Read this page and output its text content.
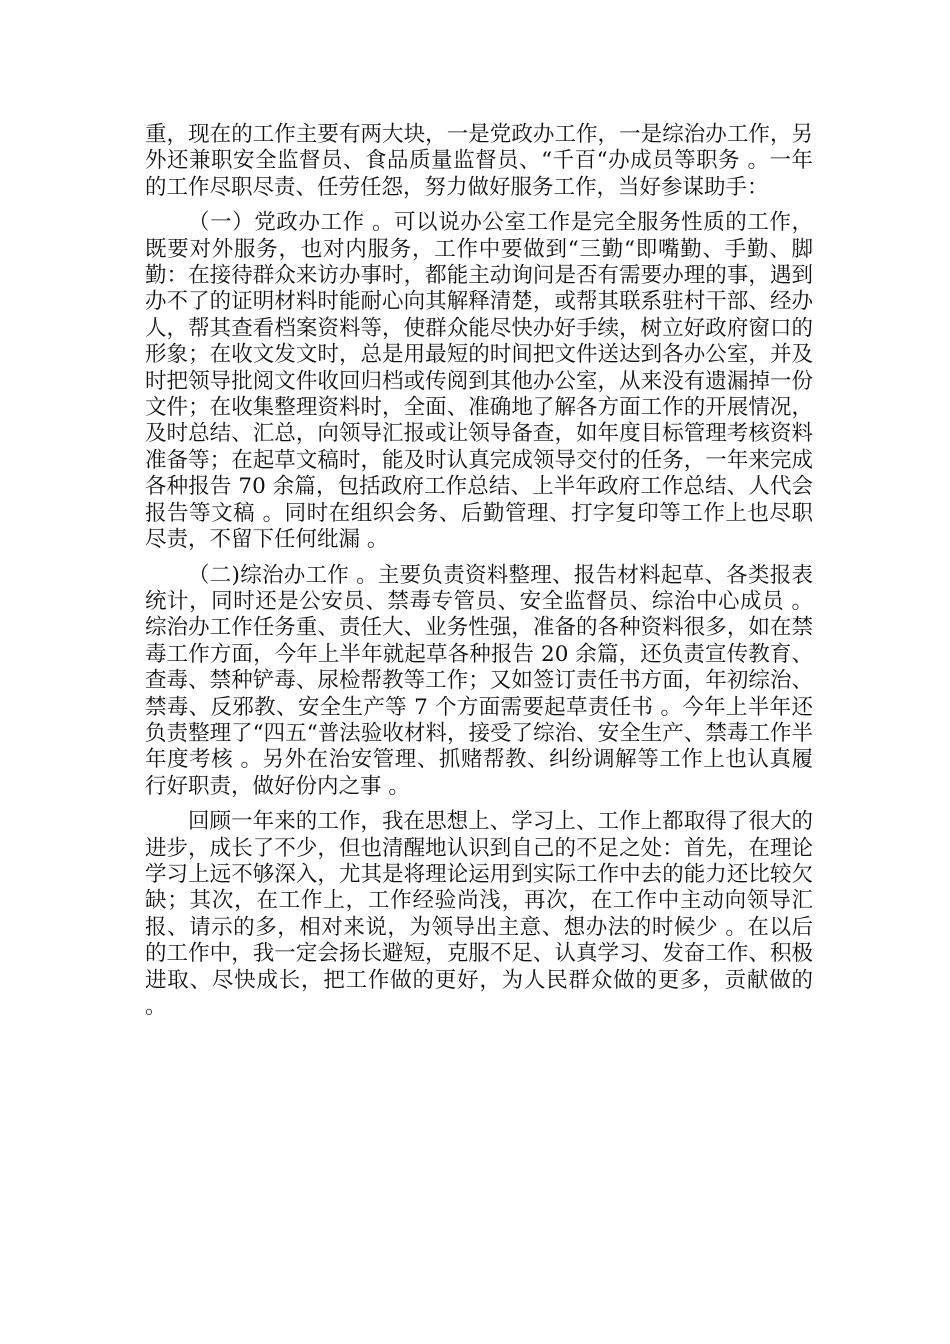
重，现在的工作主要有两大块，一是党政办工作，一是综治办工作，另外还兼职安全监督员、食品质量监督员、“千百“办成员等职务 。一年的工作尽职尽责、任劳任怨，努力做好服务工作，当好参谋助手：

（一）党政办工作 。可以说办公室工作是完全服务性质的工作，既要对外服务，也对内服务，工作中要做到“三勤“即嘴勤、手勤、脚勤：在接待群众来访办事时，都能主动询问是否有需要办理的事，遇到办不了的证明材料时能耐心向其解释清楚，或帮其联系驻村干部、经办人，帮其查看档案资料等，使群众能尽快办好手续，树立好政府窗口的形象；在收文发文时，总是用最短的时间把文件送达到各办公室，并及时把领导批阅文件收回归档或传阅到其他办公室，从来没有遗漏掉一份文件；在收集整理资料时，全面、准确地了解各方面工作的开展情况，及时总结、汇总，向领导汇报或让领导备查，如年度目标管理考核资料准备等；在起草文稿时，能及时认真完成领导交付的任务，一年来完成各种报告 70 余篇，包括政府工作总结、上半年政府工作总结、人代会报告等文稿 。同时在组织会务、后勤管理、打字复印等工作上也尽职尽责，不留下任何纰漏 。

（二)综治办工作 。主要负责资料整理、报告材料起草、各类报表统计，同时还是公安员、禁毒专管员、安全监督员、综治中心成员 。综治办工作任务重、责任大、业务性强，准备的各种资料很多，如在禁毒工作方面，今年上半年就起草各种报告 20 余篇，还负责宣传教育、查毒、禁种铲毒、尿检帮教等工作；又如签订责任书方面，年初综治、禁毒、反邪教、安全生产等 7 个方面需要起草责任书 。今年上半年还负责整理了“四五“普法验收材料，接受了综治、安全生产、禁毒工作半年度考核 。另外在治安管理、抓赌帮教、纠纷调解等工作上也认真履行好职责，做好份内之事 。

回顾一年来的工作，我在思想上、学习上、工作上都取得了很大的进步，成长了不少，但也清醒地认识到自己的不足之处：首先，在理论学习上远不够深入，尤其是将理论运用到实际工作中去的能力还比较欠缺；其次，在工作上，工作经验尚浅，再次，在工作中主动向领导汇报、请示的多，相对来说，为领导出主意、想办法的时候少 。在以后的工作中，我一定会扬长避短，克服不足、认真学习、发奋工作、积极进取、尽快成长，把工作做的更好，为人民群众做的更多，贡献做的 。
